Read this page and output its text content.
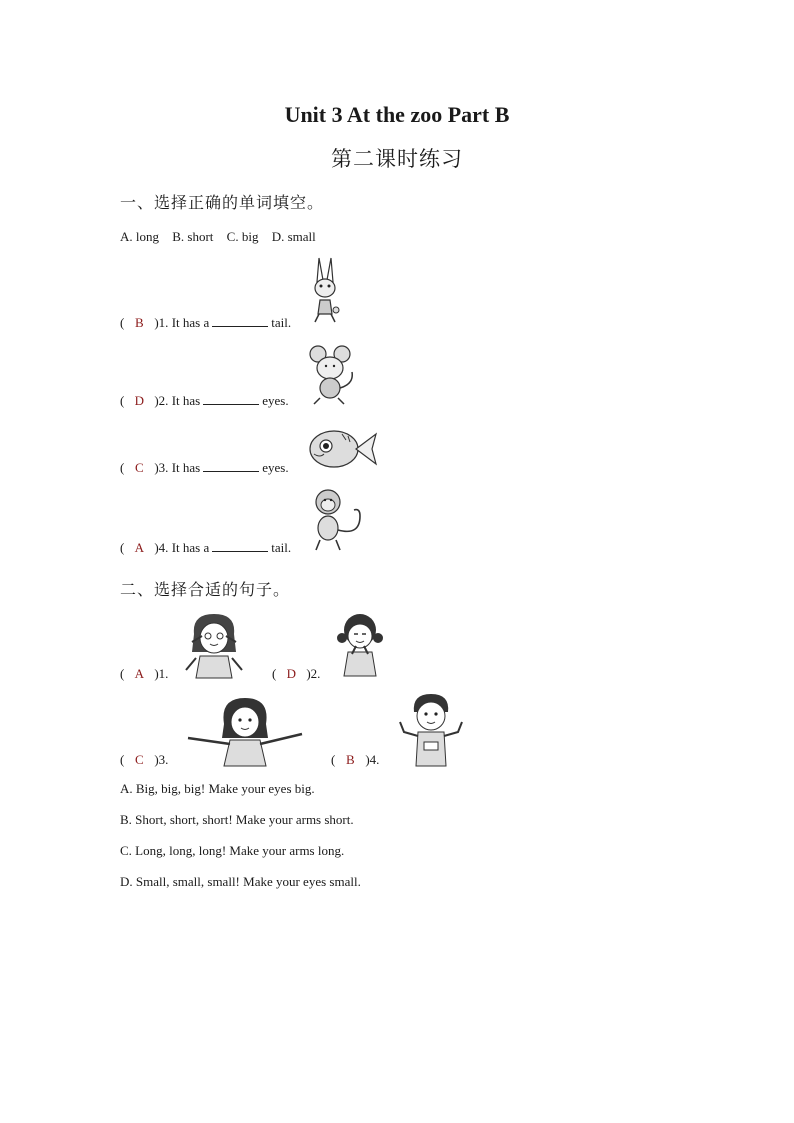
Unit 3 At the zoo Part B
第二课时练习
一、选择正确的单词填空。
A. long B. short C. big D. small
( B )1. It has a	tail.
( D )2. It has	eyes.
( C )3. It has	eyes.
( A )4. It has a	tail.
二、选择合适的句子。
( A )1.	( D )2.
( C )3.	( B )4.
A. Big, big, big! Make your eyes big.
B. Short, short, short! Make your arms short.
C. Long, long, long! Make your arms long.
D. Small, small, small! Make your eyes small.
